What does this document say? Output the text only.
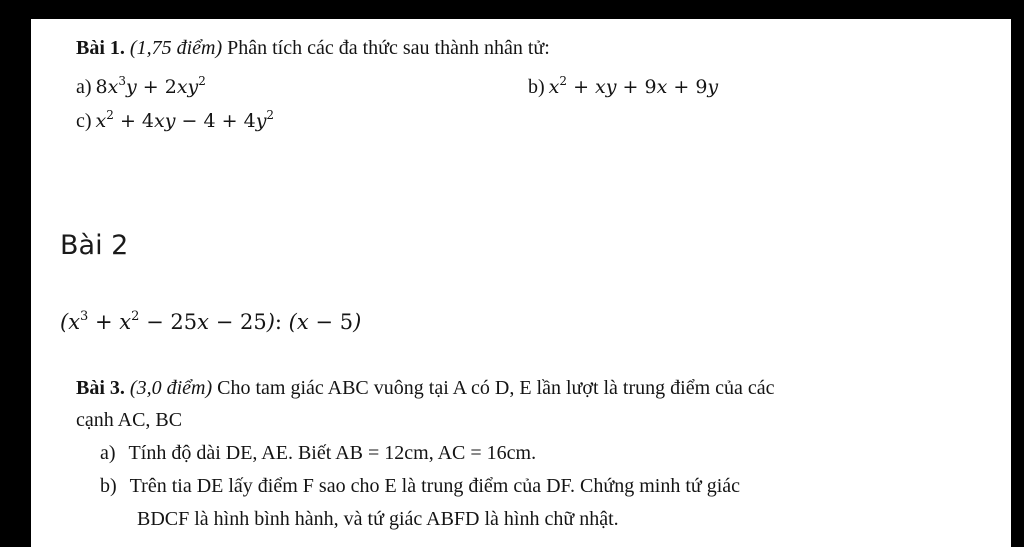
Bài 1. (1,75 điểm) Phân tích các đa thức sau thành nhân tử:
a) $8x^3y + 2xy^2$	b) $x^2$ + xy + 9x + 9y
c) $x^2 + 4xy - 4 + 4y^2$
Bài 2
$(x^3 + x^2 - 25x - 25)$: (x − 5)
Bài 3. (3,0 điểm) Cho tam giác ABC vuông tại A có D, E lần lượt là trung điểm của các
cạnh AC, BC
a) Tính độ dài DE, AE. Biết AB = 12cm, AC = 16cm.
b) Trên tia DE lấy điểm F sao cho E là trung điểm của DF. Chứng minh tứ giác
BDCF là hình bình hành, và tứ giác ABFD là hình chữ nhật.
